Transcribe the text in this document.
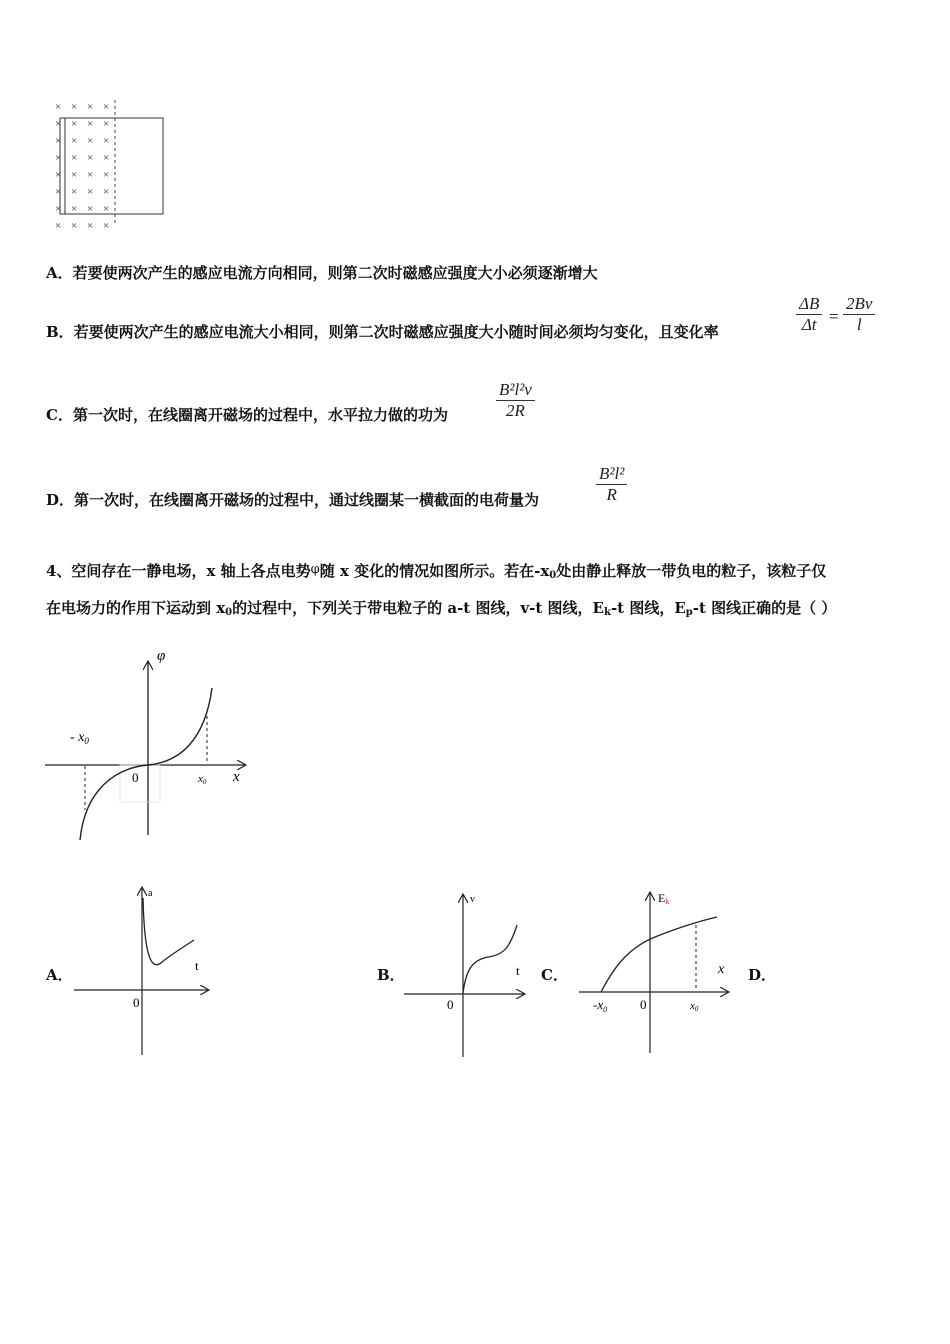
× × × ×
× × × ×
× × × ×
× × × ×
× × × ×
× × × ×
× × × ×
× × × ×
A．若要使两次产生的感应电流方向相同，则第二次时磁感应强度大小必须逐渐增大
B．若要使两次产生的感应电流大小相同，则第二次时磁感应强度大小随时间必须均匀变化，且变化率
ΔB
Δt =
2Bv
l
C．第一次时，在线圈离开磁场的过程中，水平拉力做的功为
B²l²v
2R
D．第一次时，在线圈离开磁场的过程中，通过线圈某一横截面的电荷量为
B²l²
R
4、空间存在一静电场，x 轴上各点电势φ随 x 变化的情况如图所示。若在$-x_0$处由静止释放一带负电的粒子，该粒子仅
在电场力的作用下运动到 $x_0$的过程中，下列关于带电粒子的 a-t 图线，v-t 图线，$E_k-t$ 图线，$E_p-t$ 图线正确的是（ ）
φ
x
- $x_0$
0	x0
A．
a
t
0
B．
v
t
0
C．
Ek
x
0
$-x_0$	x0
D．
